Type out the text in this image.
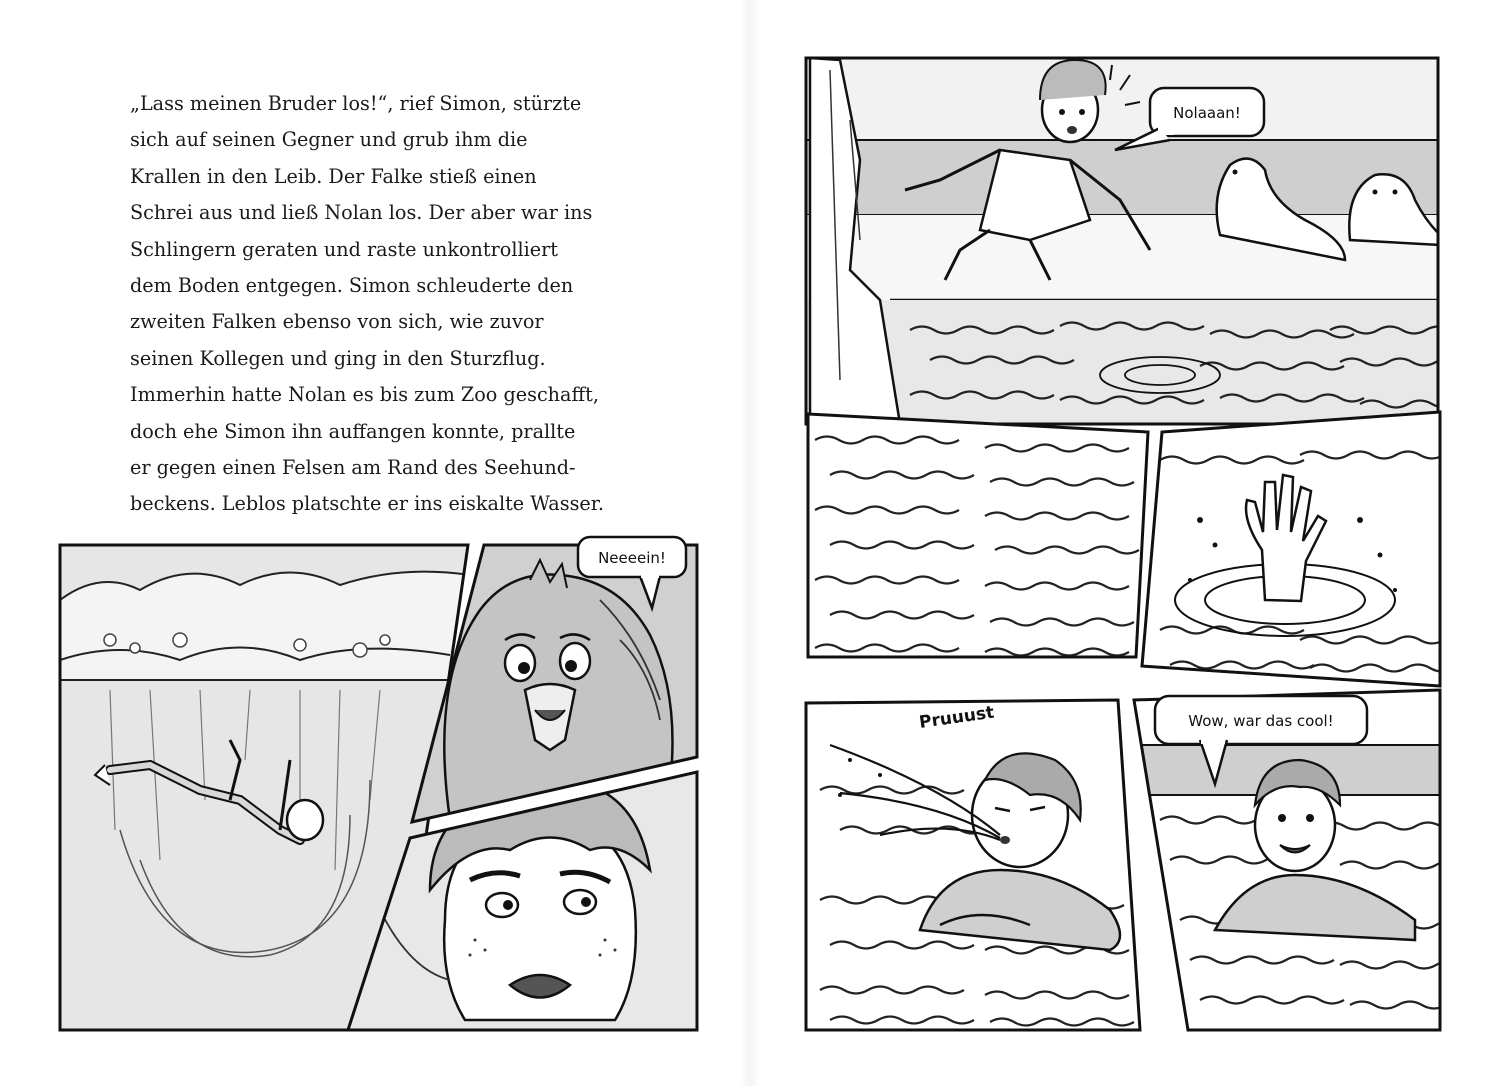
„Lass meinen Bruder los!“, rief Simon, stürzte
sich auf seinen Gegner und grub ihm die
Krallen in den Leib. Der Falke stieß einen
Schrei aus und ließ Nolan los. Der aber war ins
Schlingern geraten und raste unkontrolliert
dem Boden entgegen. Simon schleuderte den
zweiten Falken ebenso von sich, wie zuvor
seinen Kollegen und ging in den Sturzflug.
Immerhin hatte Nolan es bis zum Zoo geschafft,
doch ehe Simon ihn auffangen konnte, prallte
er gegen einen Felsen am Rand des Seehund-
beckens. Leblos platschte er ins eiskalte Wasser.
Neeeein!
Nolaaan!
Pruuust	Wow, war das cool!
